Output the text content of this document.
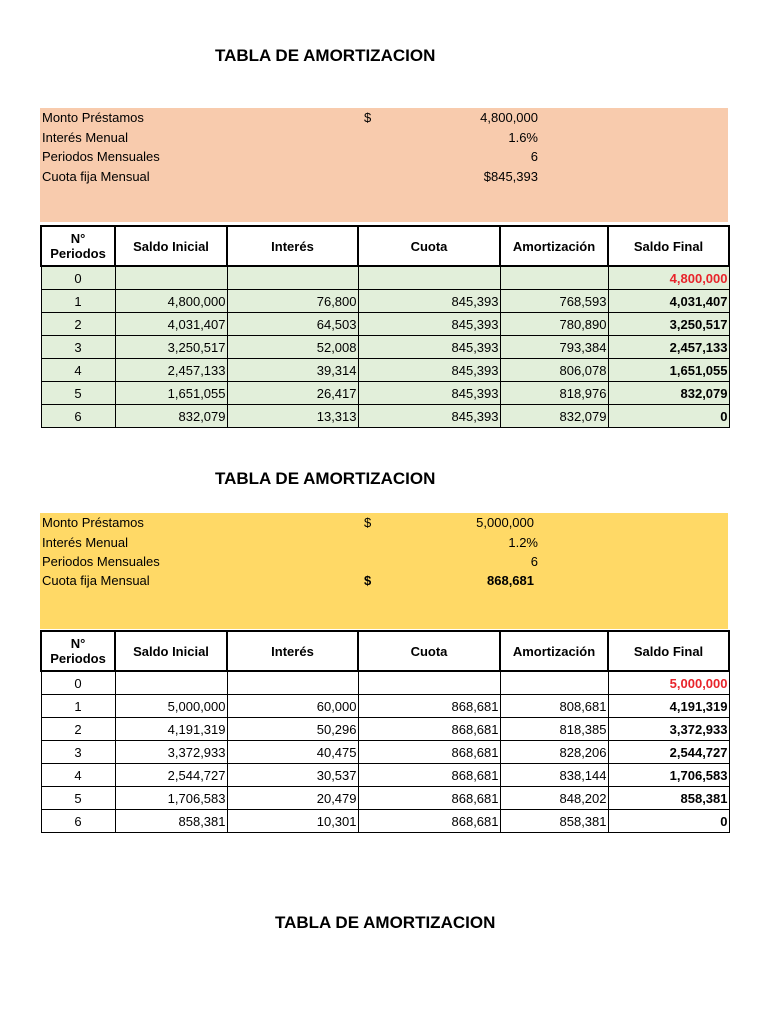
TABLA DE AMORTIZACION
Monto Préstamos	$	4,800,000
Interés Menual	1.6%
Periodos Mensuales	6
Cuota fija Mensual	$845,393
N° Periodos	Saldo Inicial	Interés	Cuota	Amortización	Saldo Final
0					4,800,000
1	4,800,000	76,800	845,393	768,593	4,031,407
2	4,031,407	64,503	845,393	780,890	3,250,517
3	3,250,517	52,008	845,393	793,384	2,457,133
4	2,457,133	39,314	845,393	806,078	1,651,055
5	1,651,055	26,417	845,393	818,976	832,079
6	832,079	13,313	845,393	832,079	0
TABLA DE AMORTIZACION
Monto Préstamos	$	5,000,000
Interés Menual	1.2%
Periodos Mensuales	6
Cuota fija Mensual	$	868,681
N° Periodos	Saldo Inicial	Interés	Cuota	Amortización	Saldo Final
0					5,000,000
1	5,000,000	60,000	868,681	808,681	4,191,319
2	4,191,319	50,296	868,681	818,385	3,372,933
3	3,372,933	40,475	868,681	828,206	2,544,727
4	2,544,727	30,537	868,681	838,144	1,706,583
5	1,706,583	20,479	868,681	848,202	858,381
6	858,381	10,301	868,681	858,381	0
TABLA DE AMORTIZACION
